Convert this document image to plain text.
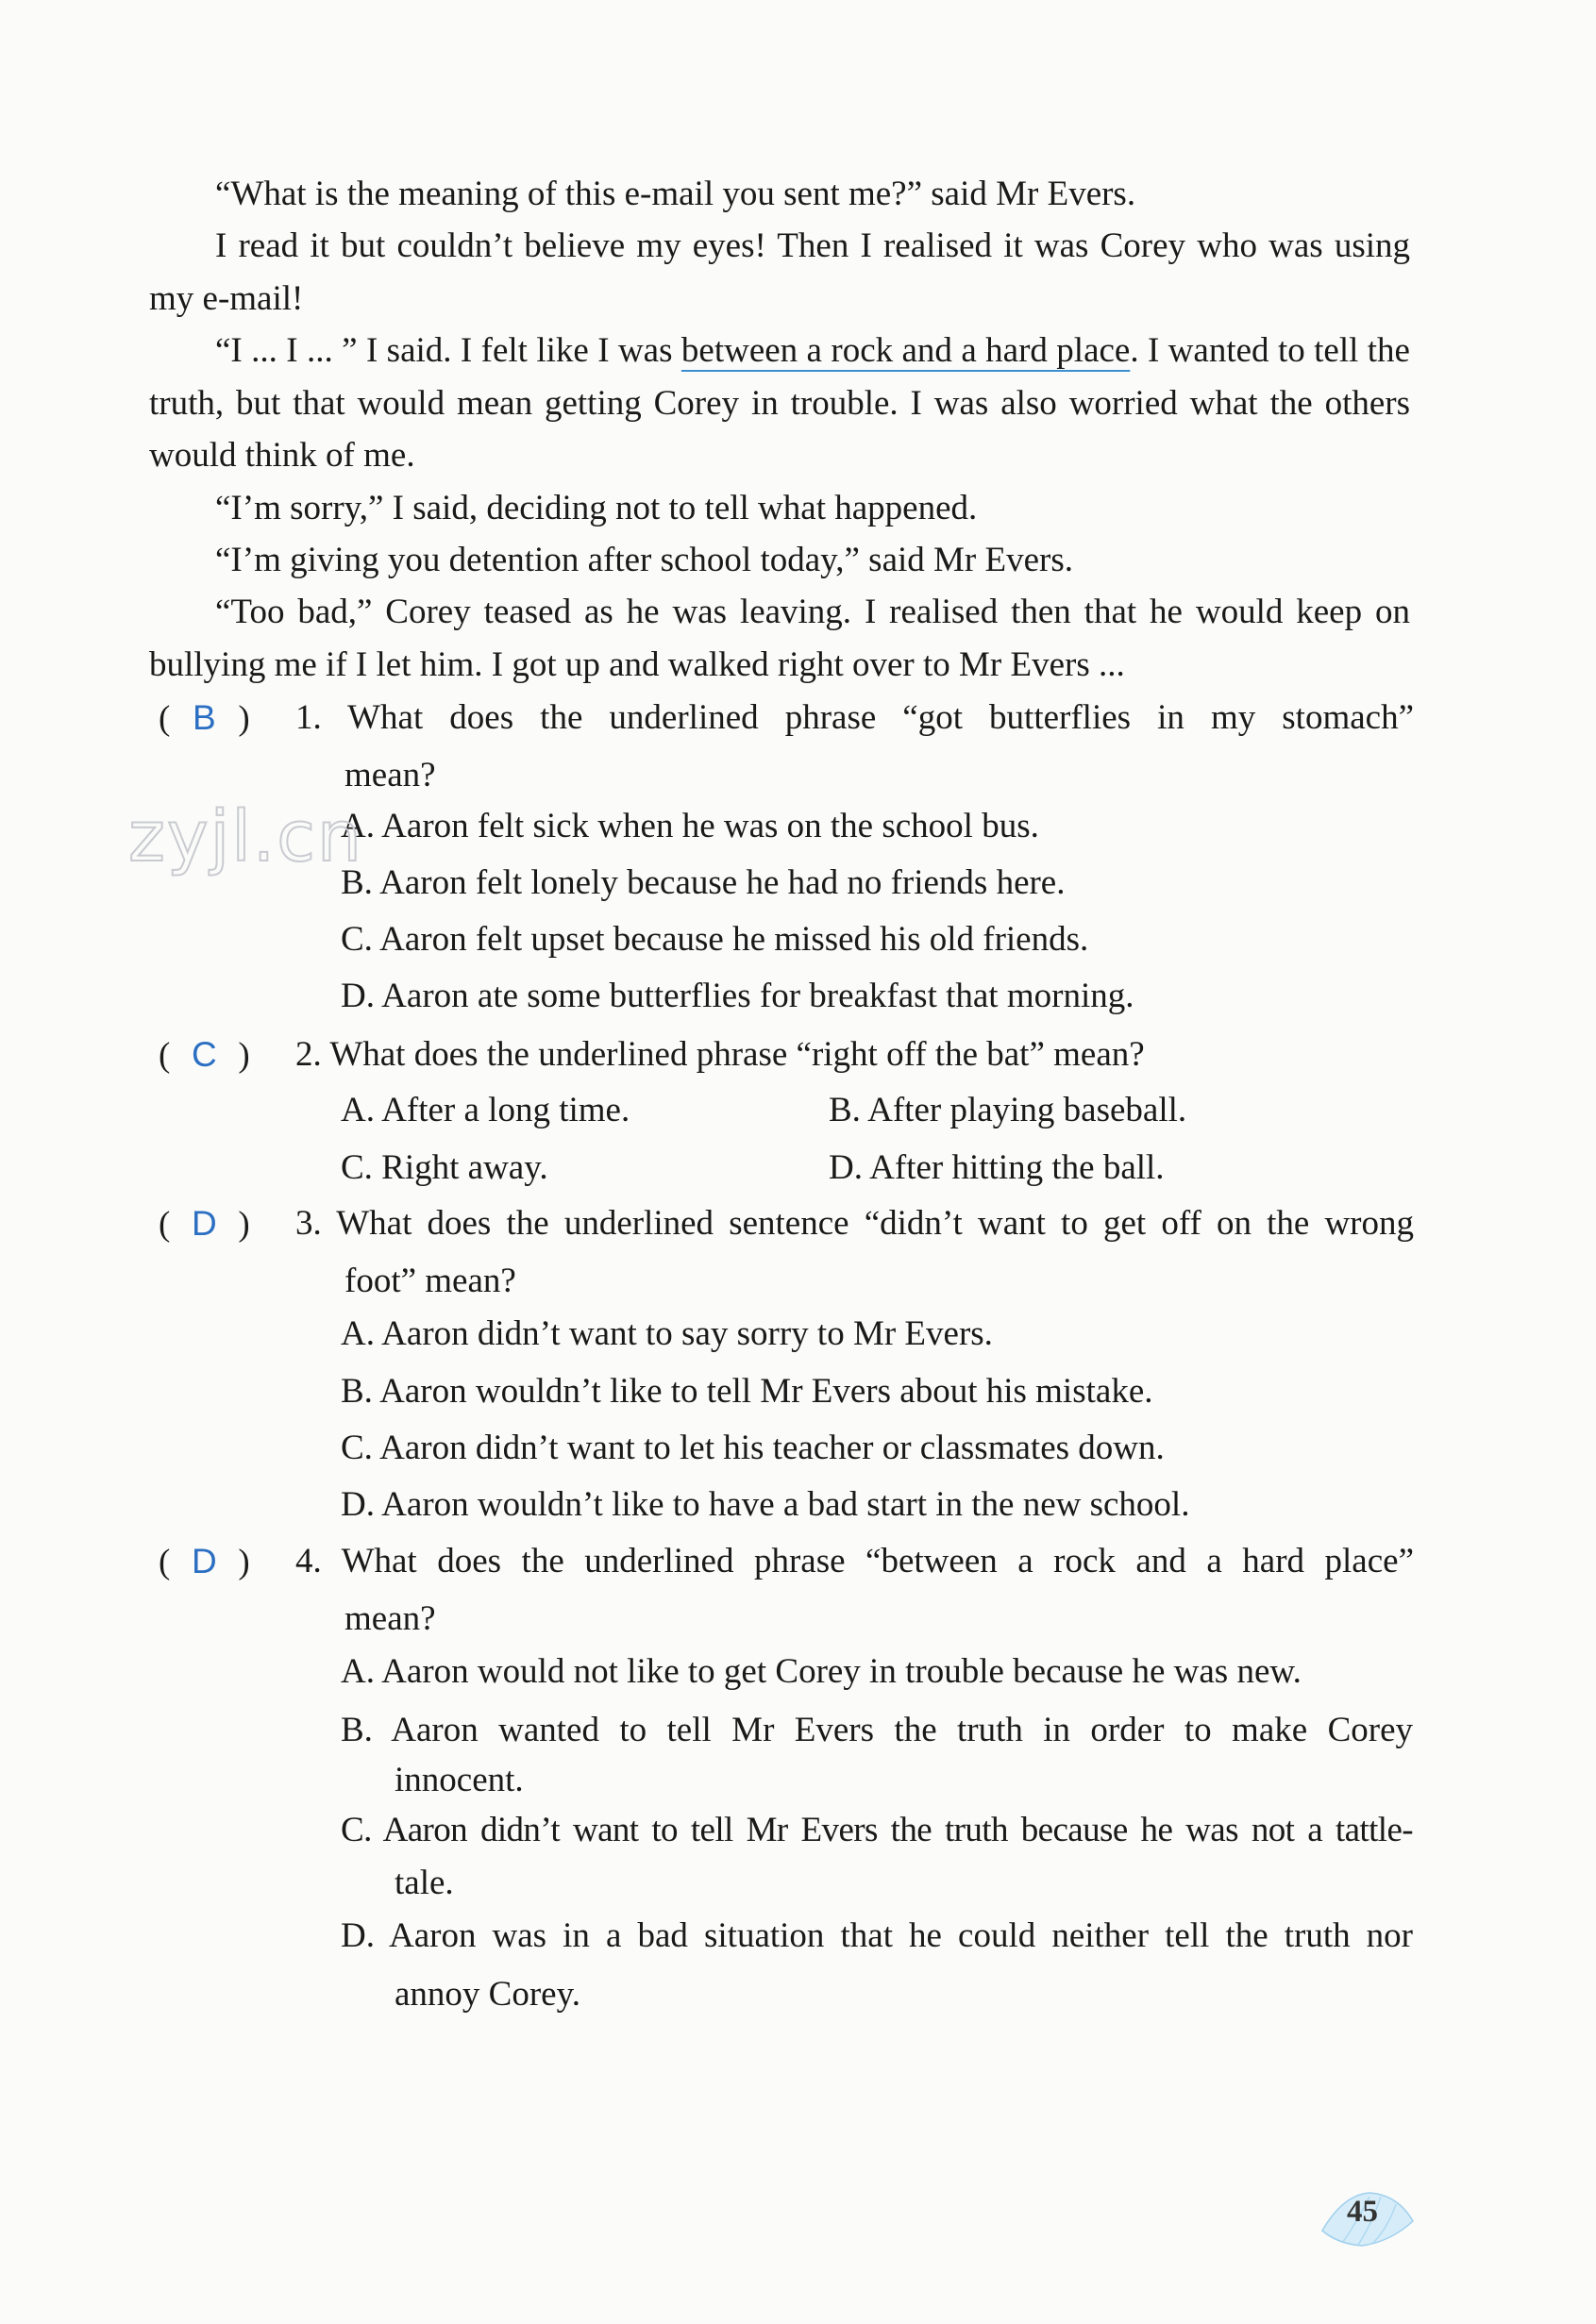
“What is the meaning of this e-mail you sent me?” said Mr Evers.
I read it but couldn’t believe my eyes! Then I realised it was Corey who was using my e-mail!
“I ... I ... ” I said. I felt like I was between a rock and a hard place. I wanted to tell the truth, but that would mean getting Corey in trouble. I was also worried what the others would think of me.
“I’m sorry,” I said, deciding not to tell what happened.
“I’m giving you detention after school today,” said Mr Evers.
“Too bad,” Corey teased as he was leaving. I realised then that he would keep on bullying me if I let him. I got up and walked right over to Mr Evers ...
( B )	1. What does the underlined phrase “got butterflies in my stomach”
mean?
A. Aaron felt sick when he was on the school bus.
B. Aaron felt lonely because he had no friends here.
C. Aaron felt upset because he missed his old friends.
D. Aaron ate some butterflies for breakfast that morning.
( C )	2. What does the underlined phrase “right off the bat” mean?
A. After a long time.	B. After playing baseball.
C. Right away.	D. After hitting the ball.
( D )	3. What does the underlined sentence “didn’t want to get off on the wrong
foot” mean?
A. Aaron didn’t want to say sorry to Mr Evers.
B. Aaron wouldn’t like to tell Mr Evers about his mistake.
C. Aaron didn’t want to let his teacher or classmates down.
D. Aaron wouldn’t like to have a bad start in the new school.
( D )	4. What does the underlined phrase “between a rock and a hard place”
mean?
A. Aaron would not like to get Corey in trouble because he was new.
B. Aaron wanted to tell Mr Evers the truth in order to make Corey
innocent.
C. Aaron didn’t want to tell Mr Evers the truth because he was not a tattle-
tale.
D. Aaron was in a bad situation that he could neither tell the truth nor
annoy Corey.
zyjl.cn
45
